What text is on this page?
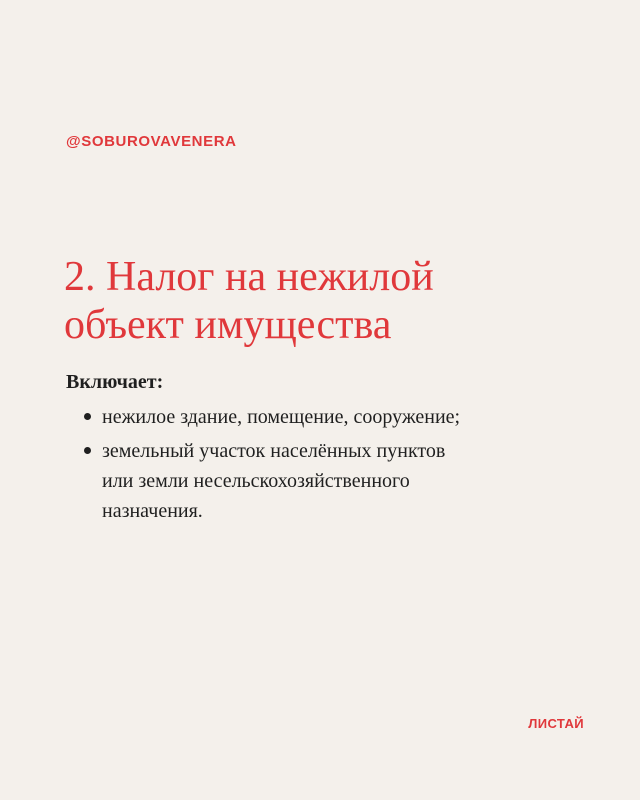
@SOBUROVAVENERA

2. Налог на нежилой
объект имущества

Включает:

нежилое здание, помещение, сооружение;
земельный участок населённых пунктов
или земли несельскохозяйственного
назначения.

ЛИСТАЙ
